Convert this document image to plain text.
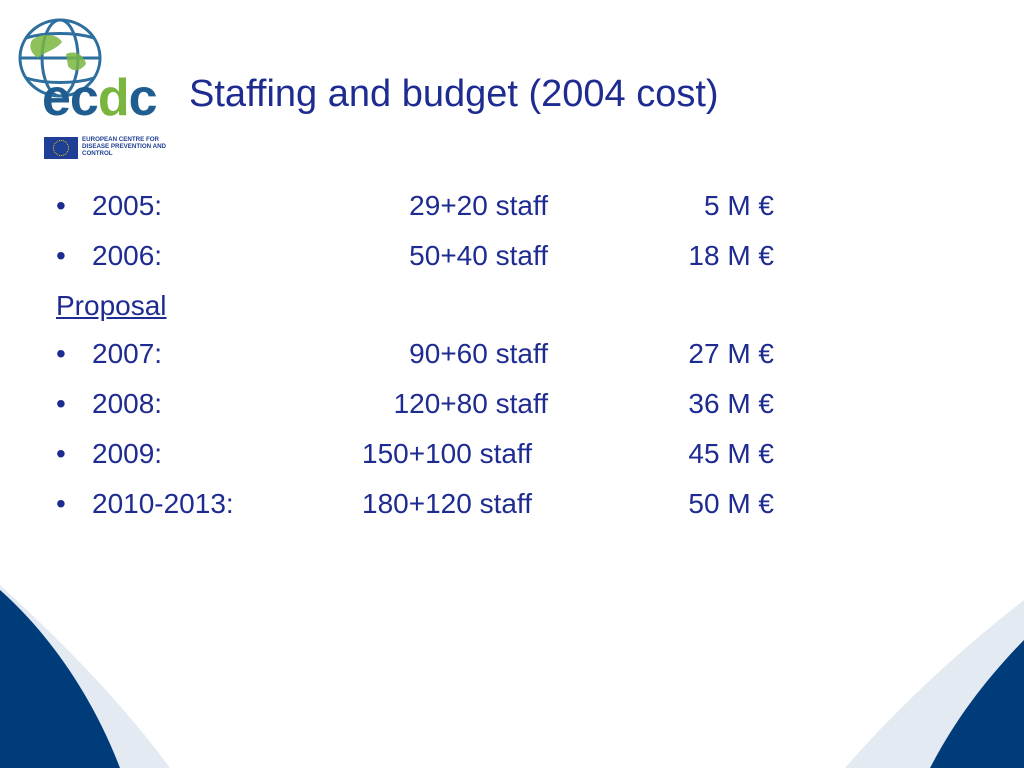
ecdc

EUROPEAN CENTRE FOR DISEASE PREVENTION AND CONTROL

Staffing and budget (2004 cost)
• 2005:	29+20 staff	5 M €
• 2006:	50+40 staff	18 M €

Proposal

• 2007:	90+60 staff	27 M €
• 2008:	120+80 staff	36 M €
• 2009:	150+100 staff	45 M €
• 2010-2013:	180+120 staff	50 M €
